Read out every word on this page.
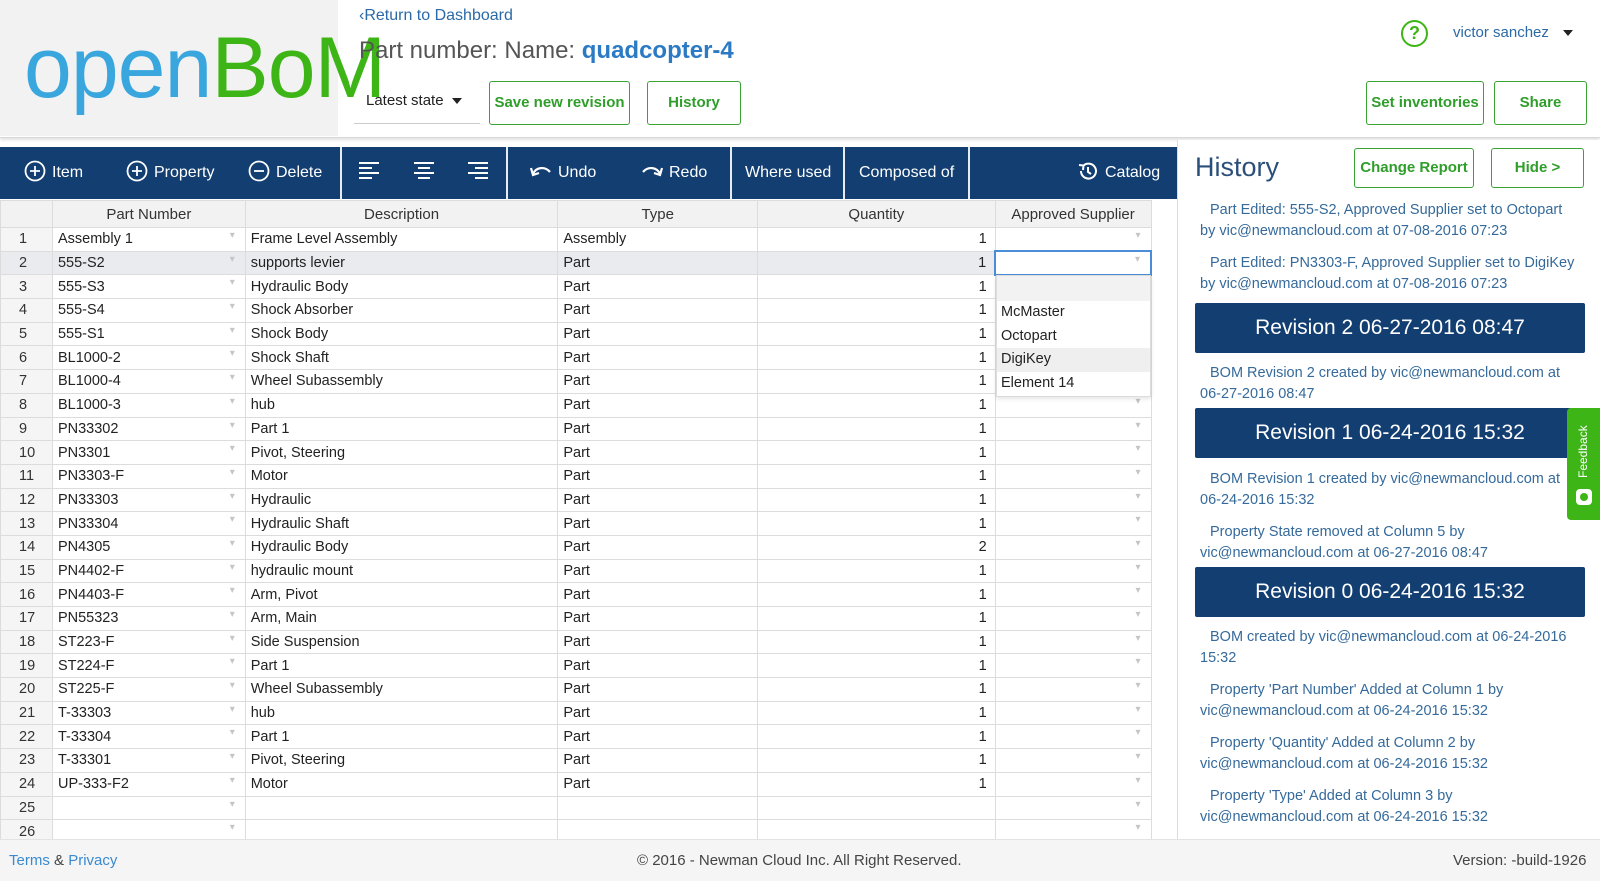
openBoM
‹Return to Dashboard
Part number: Name: quadcopter-4
Latest state	Save new revision	History
?	victor sanchez
Set inventories	Share
Item	Property	Delete	Undo	Redo Where used Composed of	Catalog
	Part Number	Description	Type	Quantity	Approved Supplier
1	Assembly 1 ▾	Frame Level Assembly	Assembly	1	▾
2	555-S2 ▾	supports levier	Part	1	▾
3	555-S3 ▾	Hydraulic Body	Part	1	▾
4	555-S4 ▾	Shock Absorber	Part	1	▾
5	555-S1 ▾	Shock Body	Part	1	▾
6	BL1000-2 ▾	Shock Shaft	Part	1	▾
7	BL1000-4 ▾	Wheel Subassembly	Part	1	▾
8	BL1000-3 ▾	hub	Part	1	▾
9	PN33302 ▾	Part 1	Part	1	▾
10	PN3301 ▾	Pivot, Steering	Part	1	▾
11	PN3303-F ▾	Motor	Part	1	▾
12	PN33303 ▾	Hydraulic	Part	1	▾
13	PN33304 ▾	Hydraulic Shaft	Part	1	▾
14	PN4305 ▾	Hydraulic Body	Part	2	▾
15	PN4402-F ▾	hydraulic mount	Part	1	▾
16	PN4403-F ▾	Arm, Pivot	Part	1	▾
17	PN55323 ▾	Arm, Main	Part	1	▾
18	ST223-F ▾	Side Suspension	Part	1	▾
19	ST224-F ▾	Part 1	Part	1	▾
20	ST225-F ▾	Wheel Subassembly	Part	1	▾
21	T-33303 ▾	hub	Part	1	▾
22	T-33304 ▾	Part 1	Part	1	▾
23	T-33301 ▾	Pivot, Steering	Part	1	▾
24	UP-333-F2 ▾	Motor	Part	1	▾
25	▾				▾
26	▾				▾
McMaster
Octopart
DigiKey
Element 14
History	Change Report	Hide >
Part Edited: 555-S2, Approved Supplier set to Octopart by vic@newmancloud.com at 07-08-2016 07:23
Part Edited: PN3303-F, Approved Supplier set to DigiKey by vic@newmancloud.com at 07-08-2016 07:23
Revision 2 06-27-2016 08:47
BOM Revision 2 created by vic@newmancloud.com at 06-27-2016 08:47
Revision 1 06-24-2016 15:32
BOM Revision 1 created by vic@newmancloud.com at 06-24-2016 15:32
Property State removed at Column 5 by vic@newmancloud.com at 06-27-2016 08:47
Revision 0 06-24-2016 15:32
BOM created by vic@newmancloud.com at 06-24-2016 15:32
Property 'Part Number' Added at Column 1 by vic@newmancloud.com at 06-24-2016 15:32
Property 'Quantity' Added at Column 2 by vic@newmancloud.com at 06-24-2016 15:32
Property 'Type' Added at Column 3 by vic@newmancloud.com at 06-24-2016 15:32
Feedback
Terms & Privacy	© 2016 - Newman Cloud Inc. All Right Reserved.	Version: -build-1926
